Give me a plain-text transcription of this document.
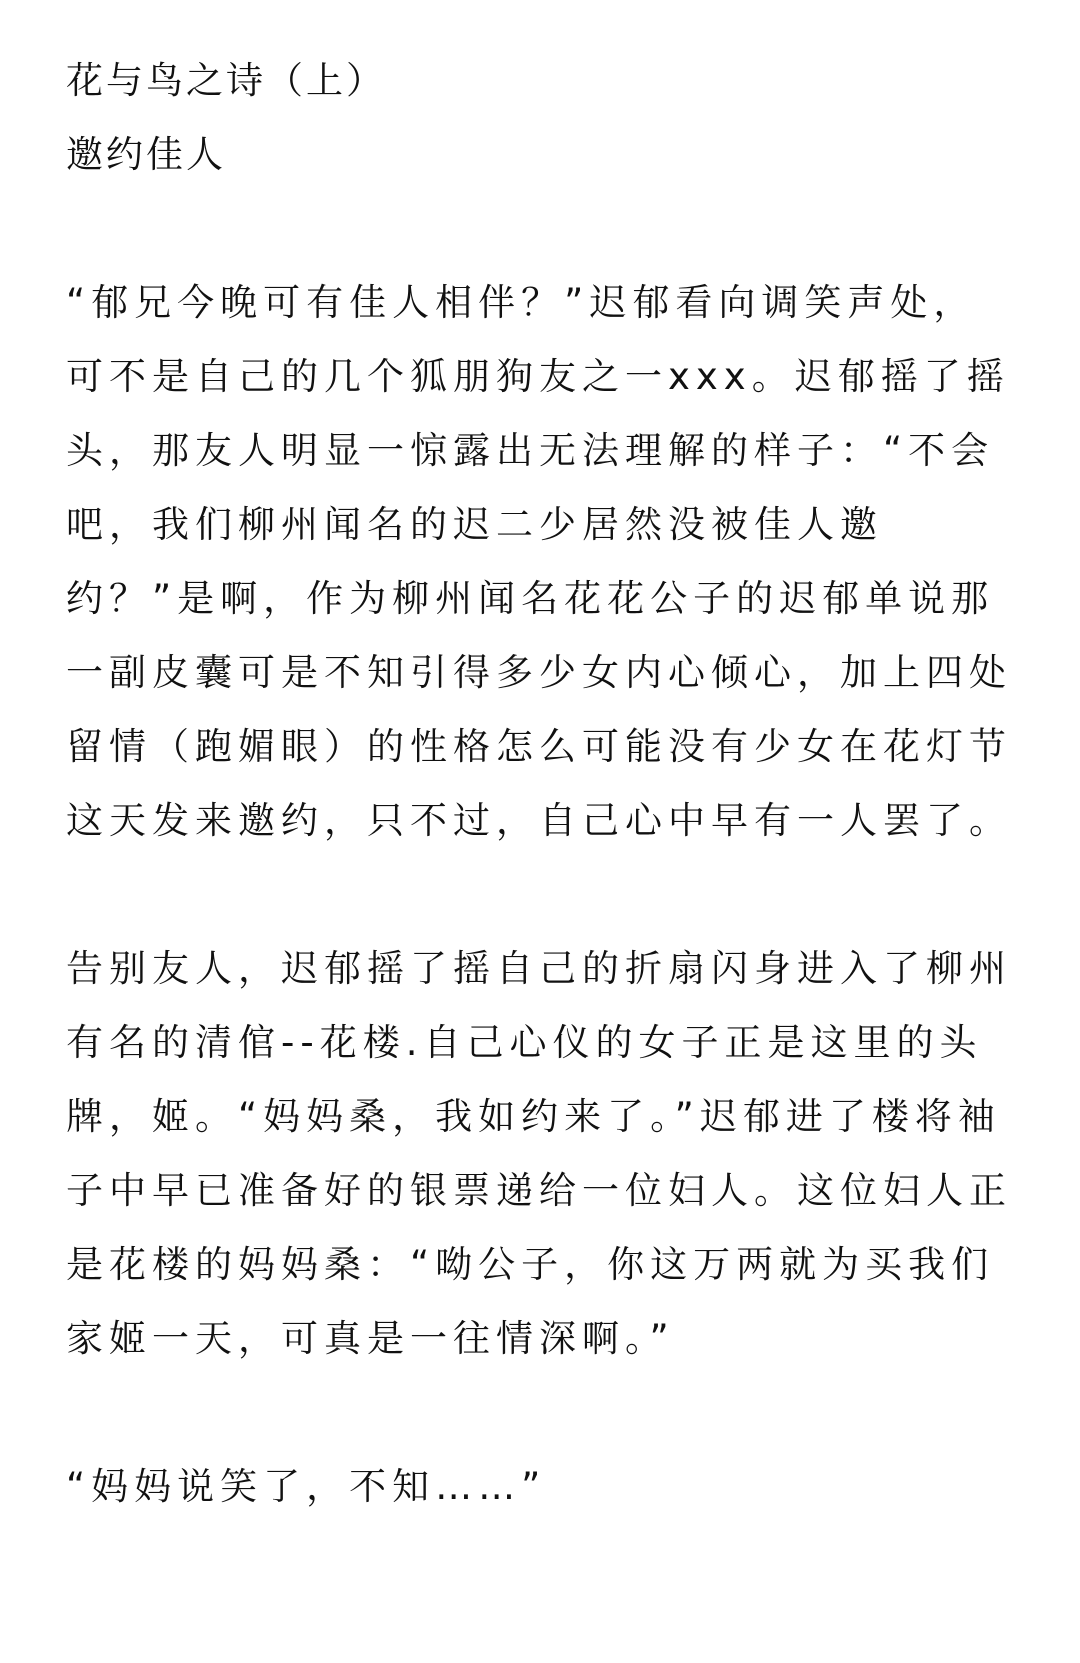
花与鸟之诗（上）
邀约佳人

“郁兄今晚可有佳人相伴？”迟郁看向调笑声处，可不是自己的几个狐朋狗友之一xxx。迟郁摇了摇头，那友人明显一惊露出无法理解的样子：“不会吧，我们柳州闻名的迟二少居然没被佳人邀约？”是啊，作为柳州闻名花花公子的迟郁单说那一副皮囊可是不知引得多少女内心倾心，加上四处留情（跑媚眼）的性格怎么可能没有少女在花灯节这天发来邀约，只不过，自己心中早有一人罢了。

告别友人，迟郁摇了摇自己的折扇闪身进入了柳州有名的清倌--花楼.自己心仪的女子正是这里的头牌，姬。“妈妈桑，我如约来了。”迟郁进了楼将袖子中早已准备好的银票递给一位妇人。这位妇人正是花楼的妈妈桑：“呦公子，你这万两就为买我们家姬一天，可真是一往情深啊。”

“妈妈说笑了，不知……”
